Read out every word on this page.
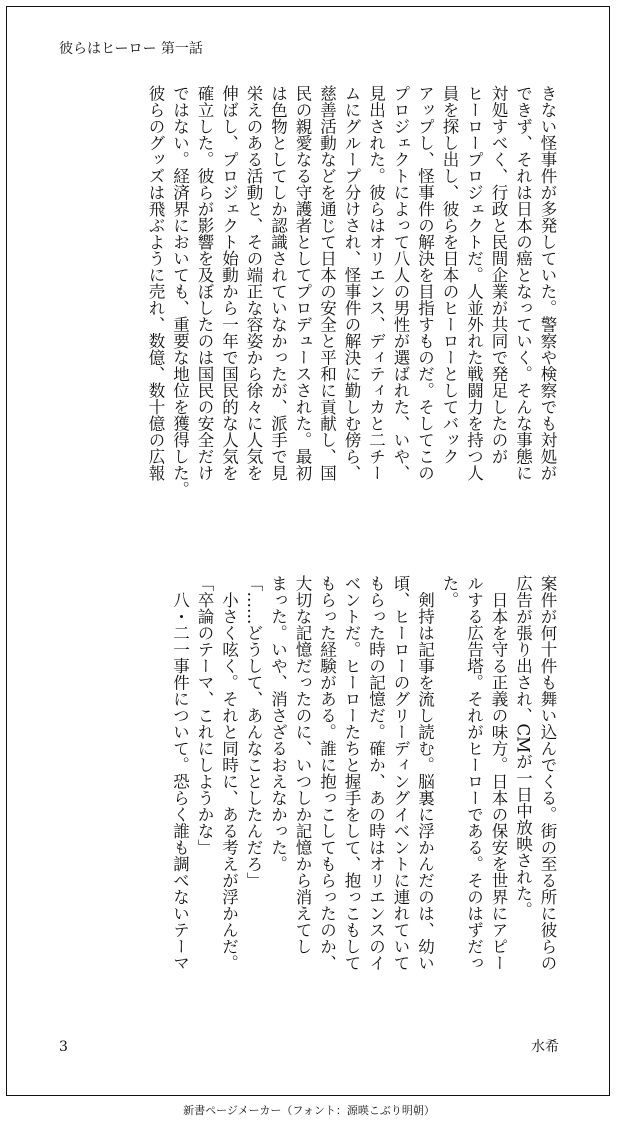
彼らはヒーロー 第一話
きない怪事件が多発していた。警察や検察でも対処が
できず、それは日本の癌となっていく。そんな事態に
対処すべく、行政と民間企業が共同で発足したのが
ヒーロープロジェクトだ。人並外れた戦闘力を持つ人
員を探し出し、彼らを日本のヒーローとしてバック
アップし、怪事件の解決を目指すものだ。そしてこの
プロジェクトによって八人の男性が選ばれた、いや、
見出された。彼らはオリエンス、ディティカと二チー
ムにグループ分けされ、怪事件の解決に勤しむ傍ら、
慈善活動などを通じて日本の安全と平和に貢献し、国
民の親愛なる守護者としてプロデュースされた。最初
は色物としてしか認識されていなかったが、派手で見
栄えのある活動と、その端正な容姿から徐々に人気を
伸ばし、プロジェクト始動から一年で国民的な人気を
確立した。彼らが影響を及ぼしたのは国民の安全だけ
ではない。経済界においても、重要な地位を獲得した。
彼らのグッズは飛ぶように売れ、数億、数十億の広報
案件が何十件も舞い込んでくる。街の至る所に彼らの
広告が張り出され、CMが一日中放映された。
　日本を守る正義の味方。日本の保安を世界にアピー
ルする広告塔。それがヒーローである。そのはずだっ
た。
　剣持は記事を流し読む。脳裏に浮かんだのは、幼い
頃、ヒーローのグリーディングイベントに連れていて
もらった時の記憶だ。確か、あの時はオリエンスのイ
ベントだ。ヒーローたちと握手をして、抱っこもして
もらった経験がある。誰に抱っこしてもらったのか、
大切な記憶だったのに、いつしか記憶から消えてし
まった。いや、消さざるおえなかった。
「……どうして、あんなことしたんだろ」
　小さく呟く。それと同時に、ある考えが浮かんだ。
「卒論のテーマ、これにしようかな」
　八・二一事件について。恐らく誰も調べないテーマ
3	水希
新書ページメーカー（フォント：源暎こぶり明朝）
